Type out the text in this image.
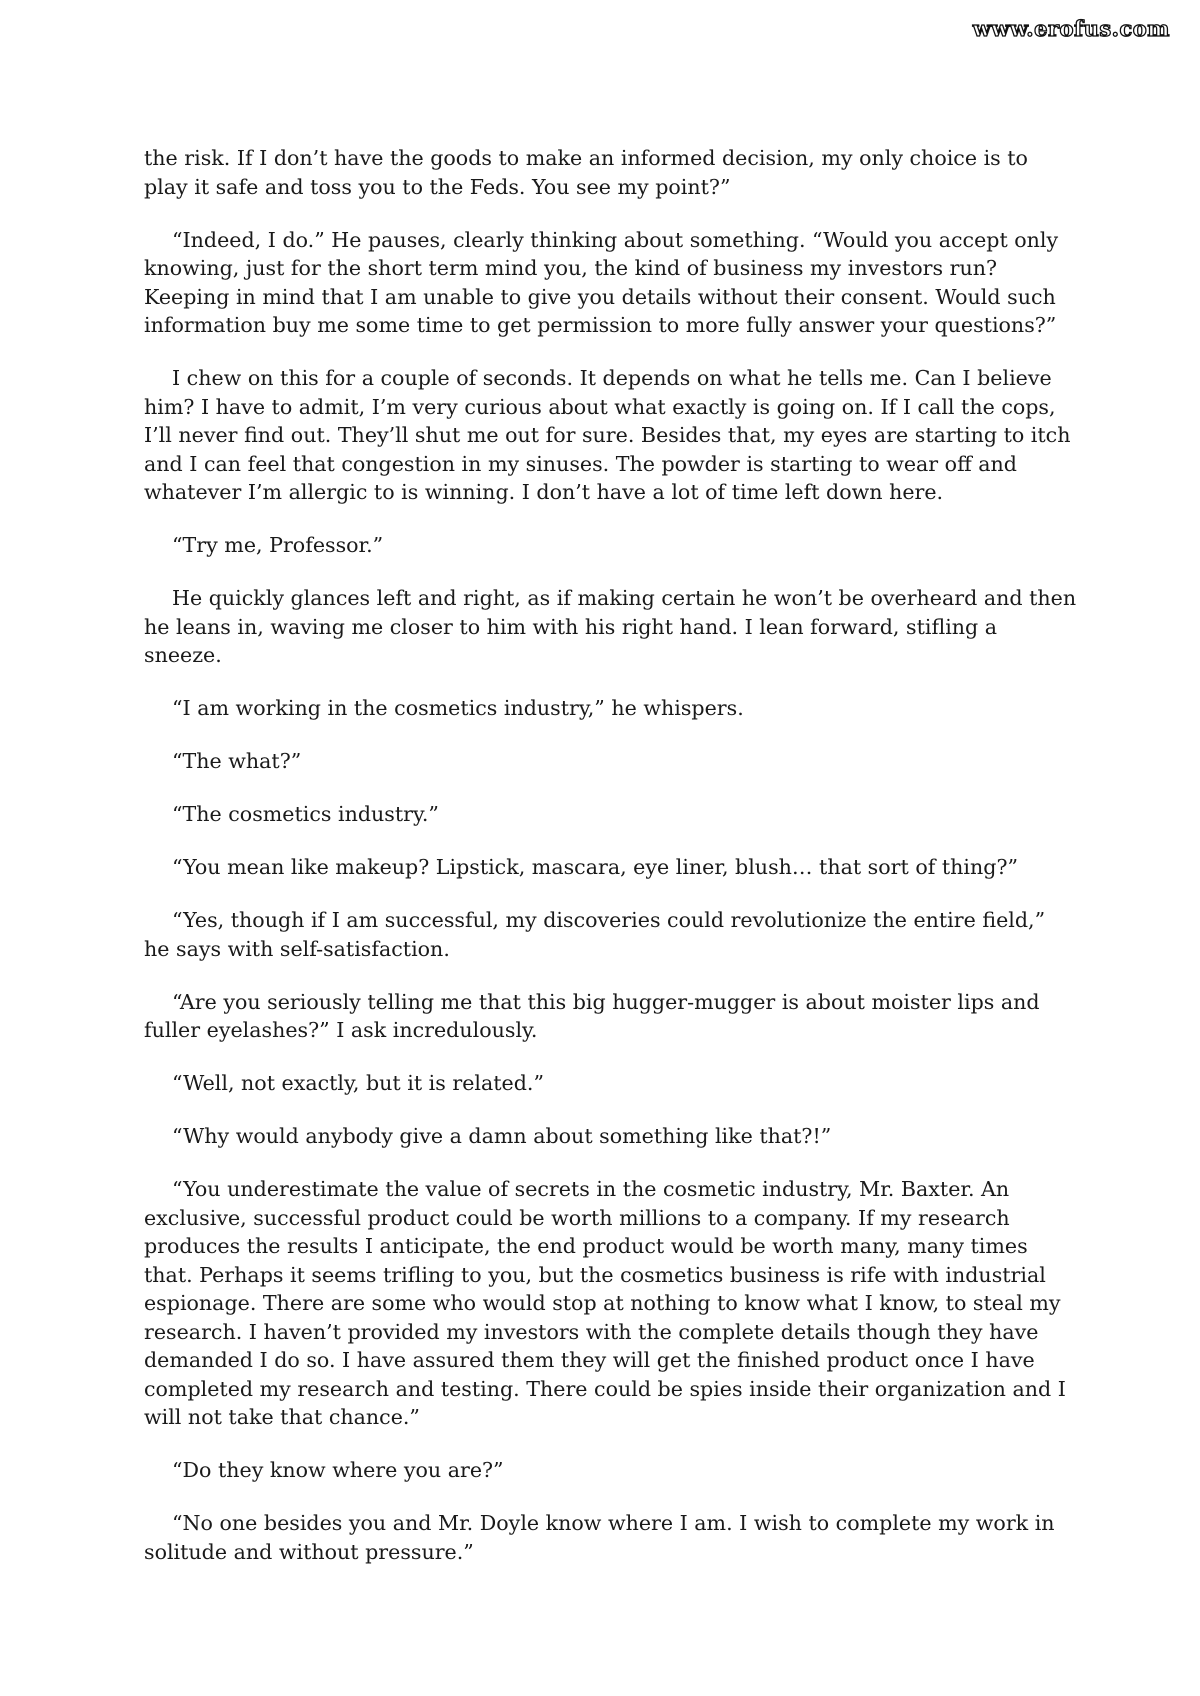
www.erofus.com

the risk. If I don’t have the goods to make an informed decision, my only choice is to
play it safe and toss you to the Feds. You see my point?”

“Indeed, I do.” He pauses, clearly thinking about something. “Would you accept only
knowing, just for the short term mind you, the kind of business my investors run?
Keeping in mind that I am unable to give you details without their consent. Would such
information buy me some time to get permission to more fully answer your questions?”

I chew on this for a couple of seconds. It depends on what he tells me. Can I believe
him? I have to admit, I’m very curious about what exactly is going on. If I call the cops,
I’ll never find out. They’ll shut me out for sure. Besides that, my eyes are starting to itch
and I can feel that congestion in my sinuses. The powder is starting to wear off and
whatever I’m allergic to is winning. I don’t have a lot of time left down here.

“Try me, Professor.”

He quickly glances left and right, as if making certain he won’t be overheard and then
he leans in, waving me closer to him with his right hand. I lean forward, stifling a
sneeze.

“I am working in the cosmetics industry,” he whispers.

“The what?”

“The cosmetics industry.”

“You mean like makeup? Lipstick, mascara, eye liner, blush… that sort of thing?”

“Yes, though if I am successful, my discoveries could revolutionize the entire field,”
he says with self-satisfaction.

“Are you seriously telling me that this big hugger-mugger is about moister lips and
fuller eyelashes?” I ask incredulously.

“Well, not exactly, but it is related.”

“Why would anybody give a damn about something like that?!”

“You underestimate the value of secrets in the cosmetic industry, Mr. Baxter. An
exclusive, successful product could be worth millions to a company. If my research
produces the results I anticipate, the end product would be worth many, many times
that. Perhaps it seems trifling to you, but the cosmetics business is rife with industrial
espionage. There are some who would stop at nothing to know what I know, to steal my
research. I haven’t provided my investors with the complete details though they have
demanded I do so. I have assured them they will get the finished product once I have
completed my research and testing. There could be spies inside their organization and I
will not take that chance.”

“Do they know where you are?”

“No one besides you and Mr. Doyle know where I am. I wish to complete my work in
solitude and without pressure.”
